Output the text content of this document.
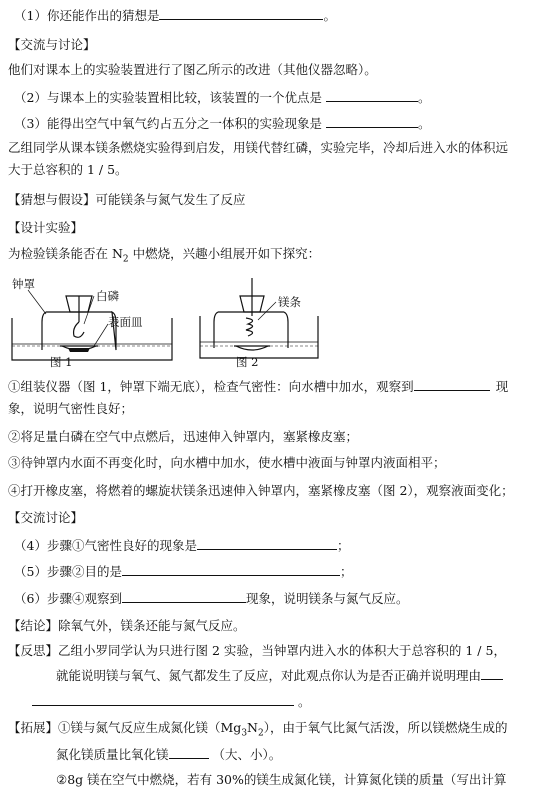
（1）你还能作出的猜想是	。
【交流与讨论】
他们对课本上的实验装置进行了图乙所示的改进（其他仪器忽略）。
（2）与课本上的实验装置相比较，该装置的一个优点是	。
（3）能得出空气中氧气约占五分之一体积的实验现象是	。
乙组同学从课本镁条燃烧实验得到启发，用镁代替红磷，实验完毕，冷却后进入水的体积远
大于总容积的 1 / 5。
【猜想与假设】可能镁条与氮气发生了反应
【设计实验】
为检验镁条能否在 $N_2$ 中燃烧，兴趣小组展开如下探究：
钟罩
白磷
表面皿
图 1
镁条
图 2
①组装仪器（图 1，钟罩下端无底），检查气密性：向水槽中加水，观察到	现
象，说明气密性良好；
②将足量白磷在空气中点燃后，迅速伸入钟罩内，塞紧橡皮塞；
③待钟罩内水面不再变化时，向水槽中加水，使水槽中液面与钟罩内液面相平；
④打开橡皮塞，将燃着的螺旋状镁条迅速伸入钟罩内，塞紧橡皮塞（图 2），观察液面变化；
【交流讨论】
（4）步骤①气密性良好的现象是	；
（5）步骤②目的是	；
（6）步骤④观察到	现象，说明镁条与氮气反应。
【结论】除氧气外，镁条还能与氮气反应。
【反思】乙组小罗同学认为只进行图 2 实验，当钟罩内进入水的体积大于总容积的 1 / 5，
就能说明镁与氧气、氮气都发生了反应，对此观点你认为是否正确并说明理由
。
【拓展】①镁与氮气反应生成氮化镁$(Mg_3N_2)$，由于氧气比氮气活泼，所以镁燃烧生成的
氮化镁质量比氧化镁	（大、小）。
②8g 镁在空气中燃烧，若有 30%的镁生成氮化镁，计算氮化镁的质量（写出计算
